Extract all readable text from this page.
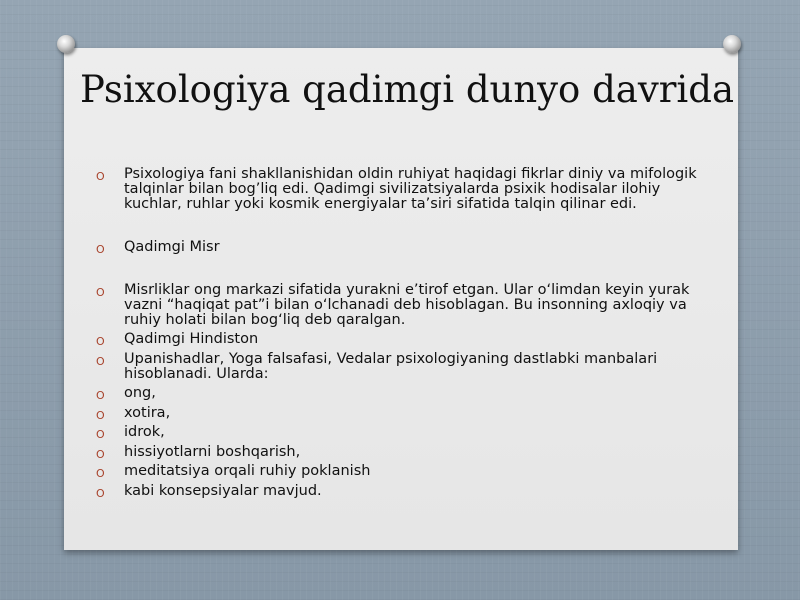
Psixologiya qadimgi dunyo davrida
O Psixologiya fani shakllanishidan oldin ruhiyat haqidagi fikrlar diniy va mifologik talqinlar bilan bog’liq edi. Qadimgi sivilizatsiyalarda psixik hodisalar ilohiy kuchlar, ruhlar yoki kosmik energiyalar ta’siri sifatida talqin qilinar edi.
O Qadimgi Misr
O Misrliklar ong markazi sifatida yurakni e’tirof etgan. Ular o‘limdan keyin yurak vazni “haqiqat pat”i bilan o‘lchanadi deb hisoblagan. Bu insonning axloqiy va ruhiy holati bilan bog‘liq deb qaralgan.
O Qadimgi Hindiston
O Upanishadlar, Yoga falsafasi, Vedalar psixologiyaning dastlabki manbalari hisoblanadi. Ularda:
O ong,
O xotira,
O idrok,
O hissiyotlarni boshqarish,
O meditatsiya orqali ruhiy poklanish
O kabi konsepsiyalar mavjud.
